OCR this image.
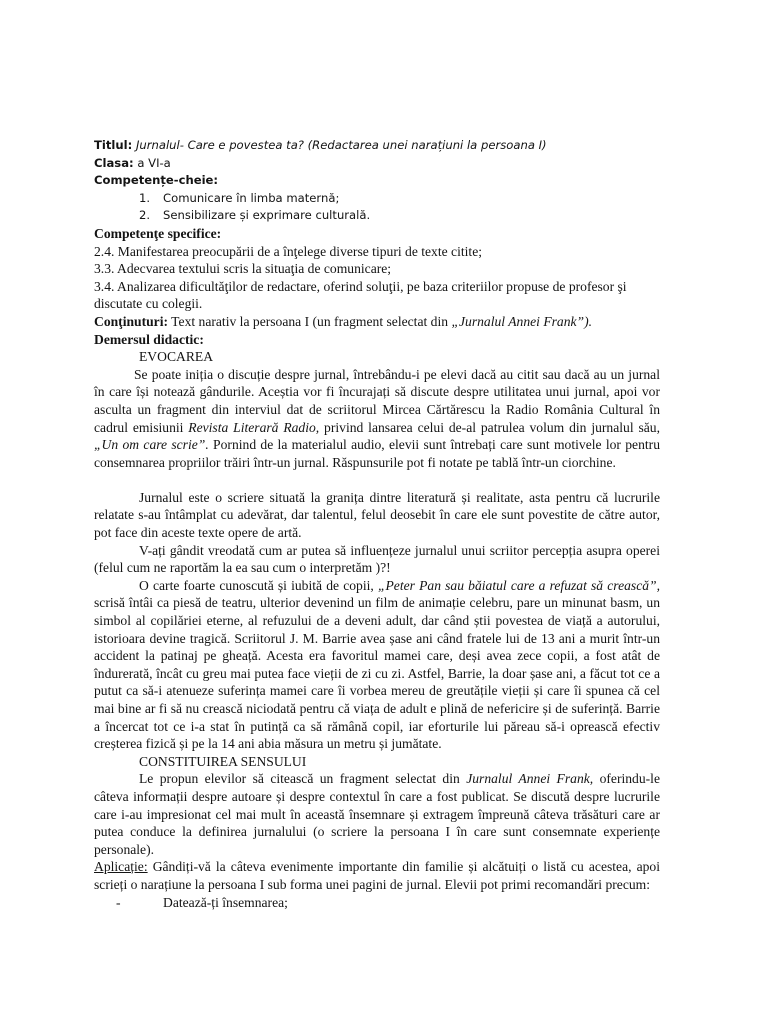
Titlul: Jurnalul- Care e povestea ta? (Redactarea unei narațiuni la persoana I)

Clasa: a VI-a

Competențe-cheie:

1. Comunicare în limba maternă;
2. Sensibilizare și exprimare culturală.

Competenţe specifice:

2.4. Manifestarea preocupării de a înţelege diverse tipuri de texte citite;

3.3. Adecvarea textului scris la situaţia de comunicare;

3.4. Analizarea dificultăţilor de redactare, oferind soluţii, pe baza criteriilor propuse de profesor şi discutate cu colegii.

Conţinuturi: Text narativ la persoana I (un fragment selectat din „Jurnalul Annei Frank”).

Demersul didactic:

EVOCAREA

Se poate iniția o discuție despre jurnal, întrebându-i pe elevi dacă au citit sau dacă au un jurnal în care își notează gândurile. Aceștia vor fi încurajați să discute despre utilitatea unui jurnal, apoi vor asculta un fragment din interviul dat de scriitorul Mircea Cărtărescu la Radio România Cultural în cadrul emisiunii Revista Literară Radio, privind lansarea celui de-al patrulea volum din jurnalul său, „Un om care scrie”. Pornind de la materialul audio, elevii sunt întrebați care sunt motivele lor pentru consemnarea propriilor trăiri într-un jurnal. Răspunsurile pot fi notate pe tablă într-un ciorchine.

Jurnalul este o scriere situată la granița dintre literatură și realitate, asta pentru că lucrurile relatate s-au întâmplat cu adevărat, dar talentul, felul deosebit în care ele sunt povestite de către autor, pot face din aceste texte opere de artă.

V-ați gândit vreodată cum ar putea să influențeze jurnalul unui scriitor percepția asupra operei (felul cum ne raportăm la ea sau cum o interpretăm )?!

O carte foarte cunoscută și iubită de copii, „Peter Pan sau băiatul care a refuzat să crească”, scrisă întâi ca piesă de teatru, ulterior devenind un film de animație celebru, pare un minunat basm, un simbol al copilăriei eterne, al refuzului de a deveni adult, dar când știi povestea de viață a autorului, istorioara devine tragică. Scriitorul J. M. Barrie avea șase ani când fratele lui de 13 ani a murit într-un accident la patinaj pe gheață. Acesta era favoritul mamei care, deși avea zece copii, a fost atât de îndurerată, încât cu greu mai putea face vieții de zi cu zi. Astfel, Barrie, la doar șase ani, a făcut tot ce a putut ca să-i atenueze suferința mamei care îi vorbea mereu de greutățile vieții și care îi spunea că cel mai bine ar fi să nu crească niciodată pentru că viața de adult e plină de nefericire și de suferință. Barrie a încercat tot ce i-a stat în putință ca să rămână copil, iar eforturile lui păreau să-i oprească efectiv creșterea fizică și pe la 14 ani abia măsura un metru și jumătate.

CONSTITUIREA SENSULUI

Le propun elevilor să citească un fragment selectat din Jurnalul Annei Frank, oferindu-le câteva informații despre autoare și despre contextul în care a fost publicat. Se discută despre lucrurile care i-au impresionat cel mai mult în această însemnare și extragem împreună câteva trăsături care ar putea conduce la definirea jurnalului (o scriere la persoana I în care sunt consemnate experiențe personale).

Aplicație: Gândiți-vă la câteva evenimente importante din familie și alcătuiți o listă cu acestea, apoi scrieți o narațiune la persoana I sub forma unei pagini de jurnal. Elevii pot primi recomandări precum:

-	Datează-ți însemnarea;
